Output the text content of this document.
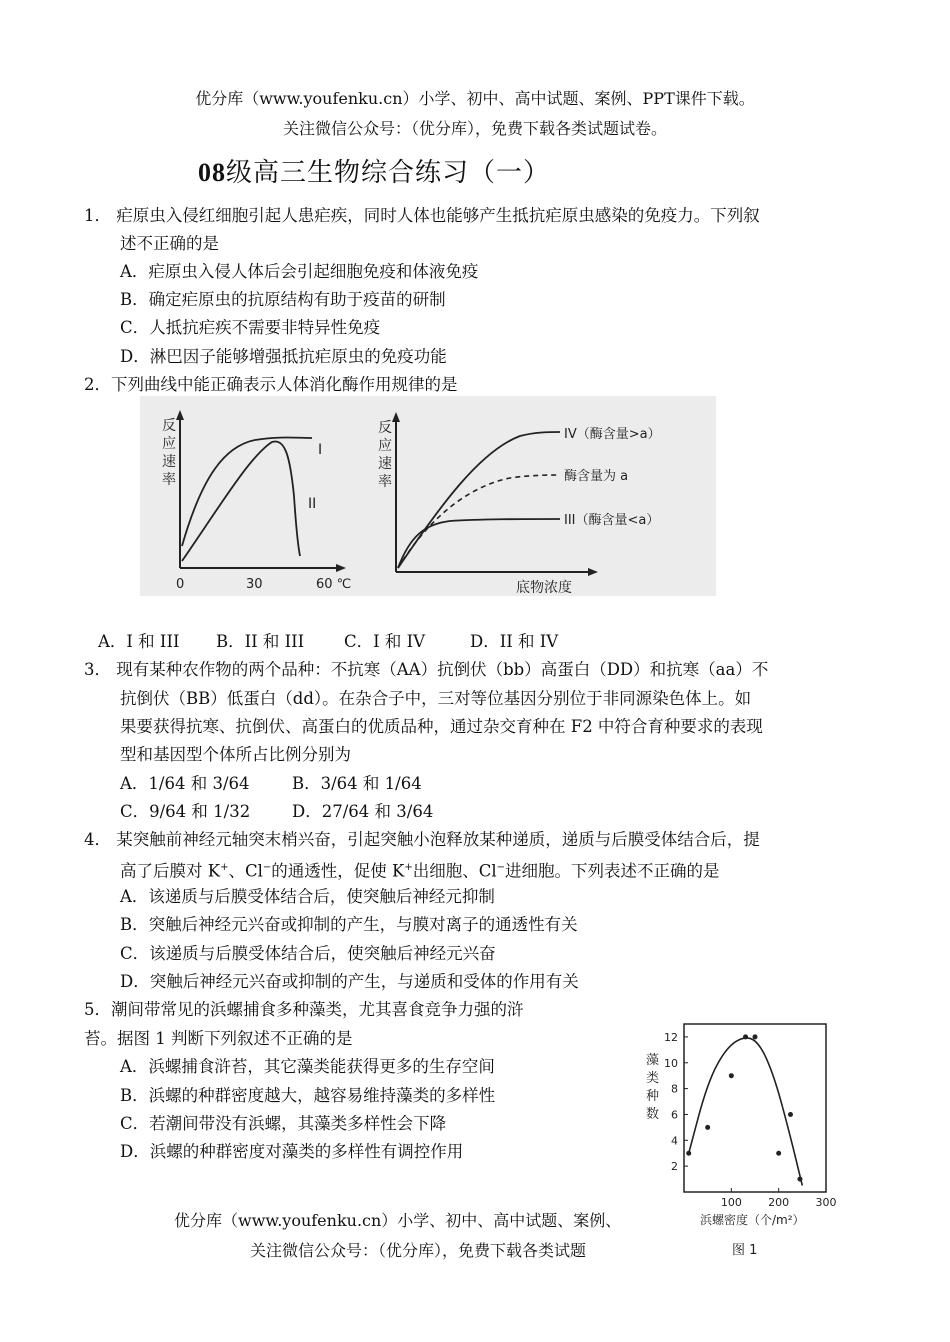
优分库（www.youfenku.cn）小学、初中、高中试题、案例、PPT课件下载。
关注微信公众号：（优分库），免费下载各类试题试卷。
08级高三生物综合练习（一）
1． 疟原虫入侵红细胞引起人患疟疾，同时人体也能够产生抵抗疟原虫感染的免疫力。下列叙
述不正确的是
A．疟原虫入侵人体后会引起细胞免疫和体液免疫
B．确定疟原虫的抗原结构有助于疫苗的研制
C．人抵抗疟疾不需要非特异性免疫
D．淋巴因子能够增强抵抗疟原虫的免疫功能
2．下列曲线中能正确表示人体消化酶作用规律的是
反
应
速
率
I
II
0	30	60 ℃
反
应
速
率
IV（酶含量>a）
酶含量为 a
III（酶含量<a）
底物浓度
A．I 和 III B．II 和 III C．I 和 IV	D．II 和 IV
3． 现有某种农作物的两个品种：不抗寒（AA）抗倒伏（bb）高蛋白（DD）和抗寒（aa）不
抗倒伏（BB）低蛋白（dd）。在杂合子中，三对等位基因分别位于非同源染色体上。如
果要获得抗寒、抗倒伏、高蛋白的优质品种，通过杂交育种在 F2 中符合育种要求的表现
型和基因型个体所占比例分别为
A．1/64 和 3/64	B．3/64 和 1/64
C．9/64 和 1/32	D．27/64 和 3/64
4． 某突触前神经元轴突末梢兴奋，引起突触小泡释放某种递质，递质与后膜受体结合后，提
高了后膜对 K+、Cl−的通透性，促使 K+出细胞、Cl−进细胞。下列表述不正确的是
A．该递质与后膜受体结合后，使突触后神经元抑制
B．突触后神经元兴奋或抑制的产生，与膜对离子的通透性有关
C．该递质与后膜受体结合后，使突触后神经元兴奋
D．突触后神经元兴奋或抑制的产生，与递质和受体的作用有关
5．潮间带常见的浜螺捕食多种藻类，尤其喜食竞争力强的浒
苔。据图 1 判断下列叙述不正确的是
A．浜螺捕食浒苔，其它藻类能获得更多的生存空间
B．浜螺的种群密度越大，越容易维持藻类的多样性
C．若潮间带没有浜螺，其藻类多样性会下降
D．浜螺的种群密度对藻类的多样性有调控作用
藻
类
种
数
2
4
6
8
10
12
100 200 300
浜螺密度（个/m²）
图 1
优分库（www.youfenku.cn）小学、初中、高中试题、案例、
关注微信公众号：（优分库），免费下载各类试题
